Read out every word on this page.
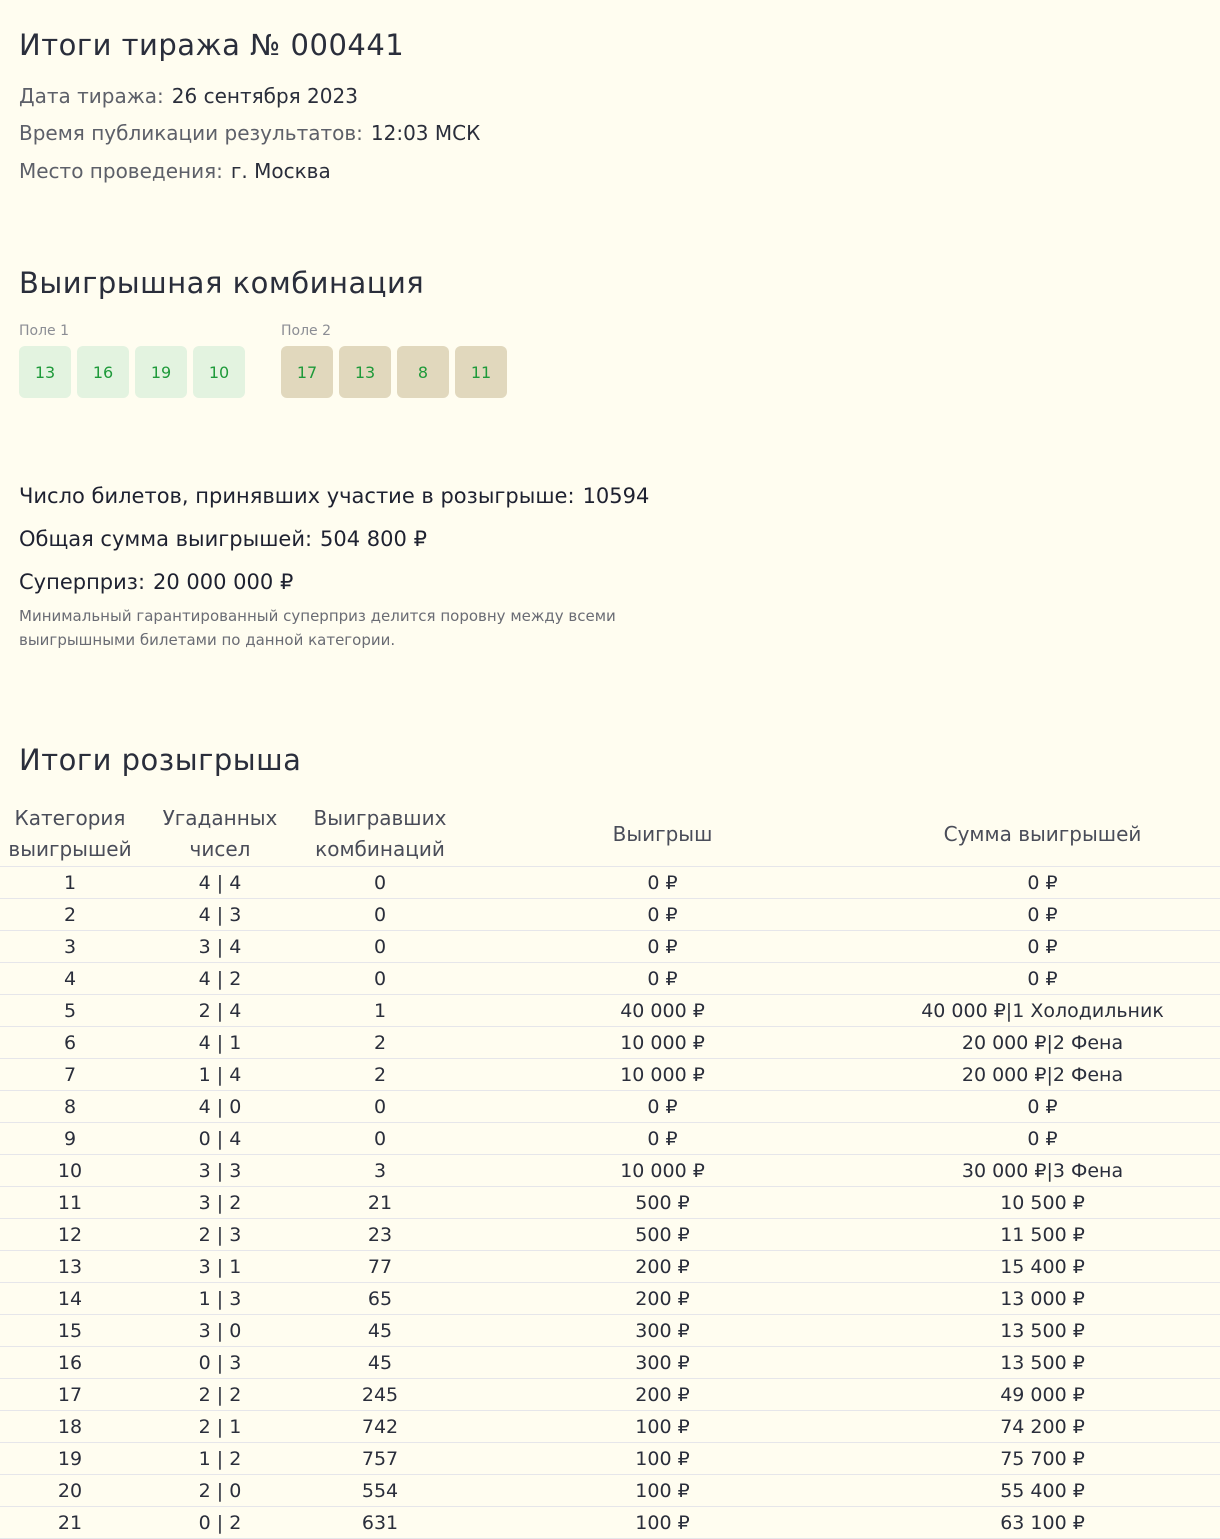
Итоги тиража № 000441
Дата тиража: 26 сентября 2023
Время публикации результатов: 12:03 МСК
Место проведения: г. Москва
Выигрышная комбинация
Поле 1
13	16	19	10
Поле 2
17	13	8	11
Число билетов, принявших участие в розыгрыше: 10594
Общая сумма выигрышей: 504 800 ₽
Суперприз: 20 000 000 ₽
Минимальный гарантированный суперприз делится поровну между всеми выигрышными билетами по данной категории.
Итоги розыгрыша
Категория выигрышей	Угаданных чисел	Выигравших комбинаций	Выигрыш	Сумма выигрышей
1	4 | 4	0	0 ₽	0 ₽
2	4 | 3	0	0 ₽	0 ₽
3	3 | 4	0	0 ₽	0 ₽
4	4 | 2	0	0 ₽	0 ₽
5	2 | 4	1	40 000 ₽	40 000 ₽|1 Холодильник
6	4 | 1	2	10 000 ₽	20 000 ₽|2 Фена
7	1 | 4	2	10 000 ₽	20 000 ₽|2 Фена
8	4 | 0	0	0 ₽	0 ₽
9	0 | 4	0	0 ₽	0 ₽
10	3 | 3	3	10 000 ₽	30 000 ₽|3 Фена
11	3 | 2	21	500 ₽	10 500 ₽
12	2 | 3	23	500 ₽	11 500 ₽
13	3 | 1	77	200 ₽	15 400 ₽
14	1 | 3	65	200 ₽	13 000 ₽
15	3 | 0	45	300 ₽	13 500 ₽
16	0 | 3	45	300 ₽	13 500 ₽
17	2 | 2	245	200 ₽	49 000 ₽
18	2 | 1	742	100 ₽	74 200 ₽
19	1 | 2	757	100 ₽	75 700 ₽
20	2 | 0	554	100 ₽	55 400 ₽
21	0 | 2	631	100 ₽	63 100 ₽
